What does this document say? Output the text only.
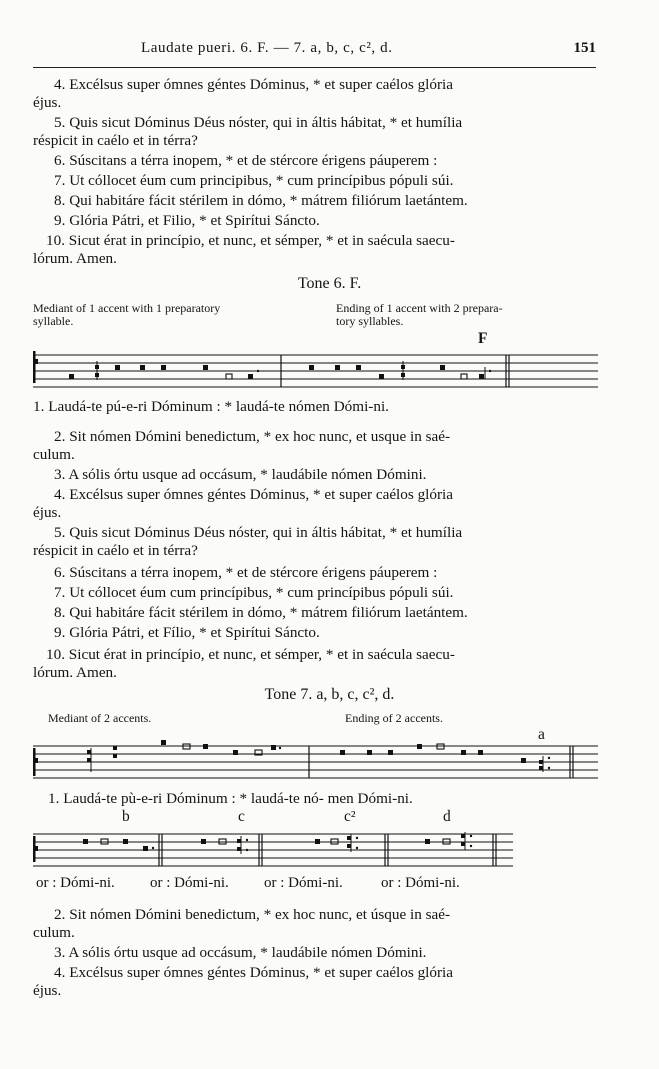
Laudate pueri. 6. F. — 7. a, b, c, c², d.	151

4. Excélsus super ómnes géntes Dóminus, * et super caélos glória

éjus.

5. Quis sicut Dóminus Déus nóster, qui in áltis hábitat, * et humília

réspicit in caélo et in térra?

6. Súscitans a térra inopem, * et de stércore érigens páuperem :

7. Ut cóllocet éum cum principibus, * cum princípibus pópuli súi.

8. Qui habitáre fácit stérilem in dómo, * mátrem filiórum laetántem.

9. Glória Pátri, et Filio, * et Spirítui Sáncto.

10. Sicut érat in princípio, et nunc, et sémper, * et in saécula saecu-

lórum. Amen.

Tone 6. F.
Mediant of 1 accent with 1 preparatory
syllable.
Ending of 1 accent with 2 prepara-
tory syllables.
F

1. Laudá-te pú-e-ri Dóminum : * laudá-te nómen Dómi-ni.

2. Sit nómen Dómini benedictum, * ex hoc nunc, et usque in saé-

culum.

3. A sólis órtu usque ad occásum, * laudábile nómen Dómini.

4. Excélsus super ómnes géntes Dóminus, * et super caélos glória

éjus.

5. Quis sicut Dóminus Déus nóster, qui in áltis hábitat, * et humília

réspicit in caélo et in térra?

6. Súscitans a térra inopem, * et de stércore érigens páuperem :

7. Ut cóllocet éum cum princípibus, * cum princípibus pópuli súi.

8. Qui habitáre fácit stérilem in dómo, * mátrem filiórum laetántem.

9. Glória Pátri, et Fílio, * et Spirítui Sáncto.

10. Sicut érat in princípio, et nunc, et sémper, * et in saécula saecu-

lórum. Amen.

Tone 7. a, b, c, c², d.
Mediant of 2 accents.	Ending of 2 accents.
a

1. Laudá-te pù-e-ri Dóminum : * laudá-te nó- men Dómi-ni.

b	c	c²	d
or : Dómi-ni. or : Dómi-ni. or : Dómi-ni.	or : Dómi-ni.

2. Sit nómen Dómini benedictum, * ex hoc nunc, et úsque in saé-

culum.

3. A sólis órtu usque ad occásum, * laudábile nómen Dómini.

4. Excélsus super ómnes géntes Dóminus, * et super caélos glória

éjus.
